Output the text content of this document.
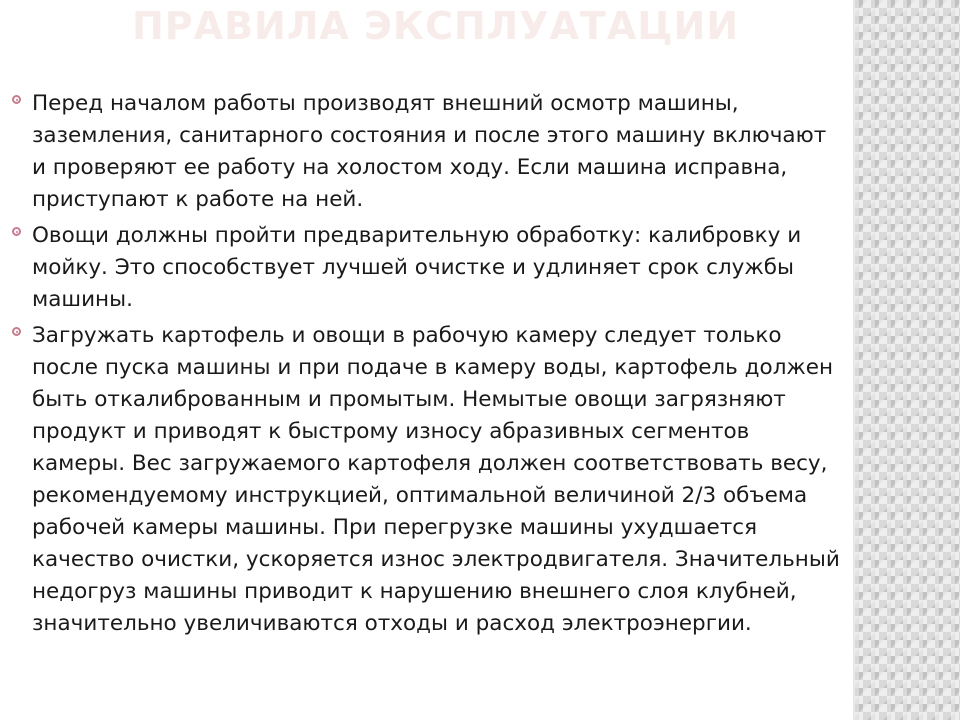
ПРАВИЛА ЭКСПЛУАТАЦИИ
Перед началом работы производят внешний осмотр машины, заземления, санитарного состояния и после этого машину включают и проверяют ее работу на холостом ходу. Если машина исправна, приступают к работе на ней.
Овощи должны пройти предварительную обработку: калибровку и мойку. Это способствует лучшей очистке и удлиняет срок службы машины.
Загружать картофель и овощи в рабочую камеру следует только после пуска машины и при подаче в камеру воды, картофель должен быть откалиброванным и промытым. Немытые овощи загрязняют продукт и приводят к быстрому износу абразивных сегментов камеры. Вес загружаемого картофеля должен соответствовать весу, рекомендуемому инструкцией, оптимальной величиной 2/3 объема рабочей камеры машины. При перегрузке машины ухудшается качество очистки, ускоряется износ электродвигателя. Значительный недогруз машины приводит к нарушению внешнего слоя клубней, значительно увеличиваются отходы и расход электроэнергии.
